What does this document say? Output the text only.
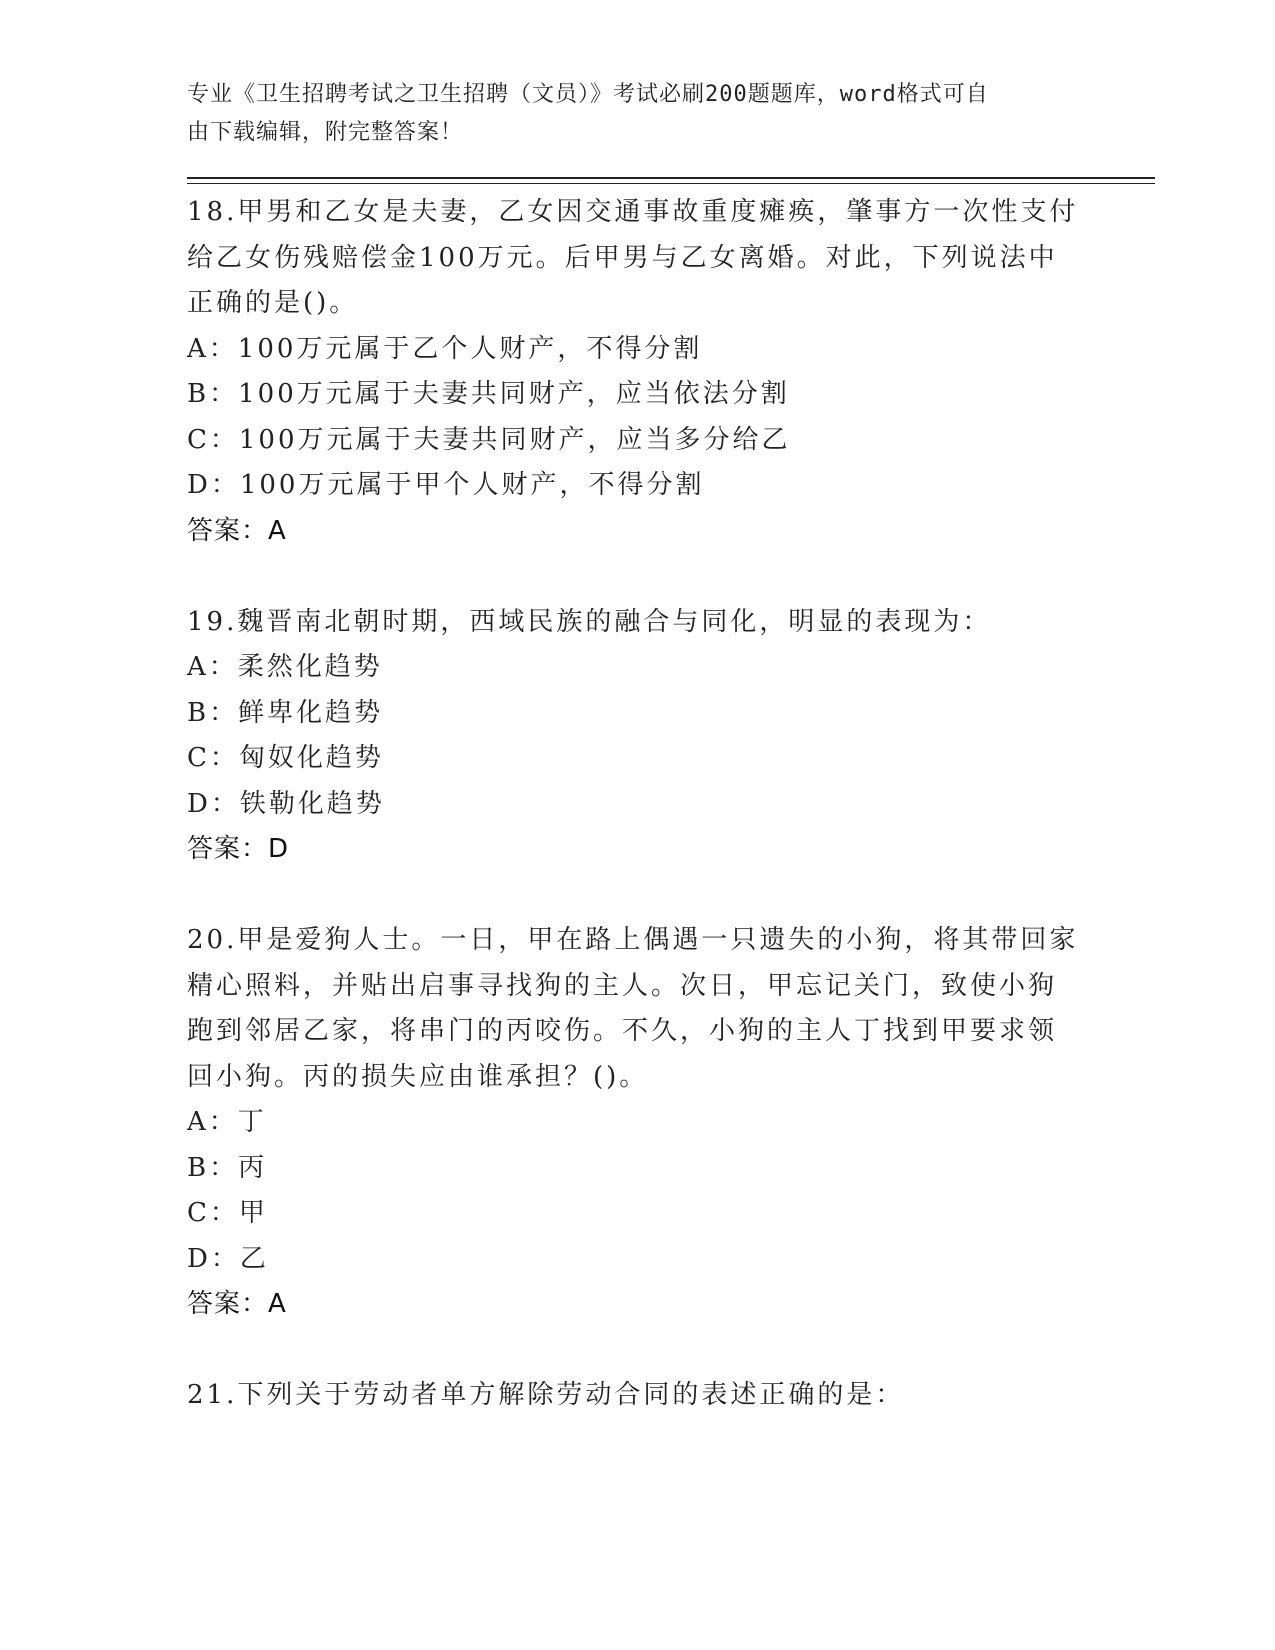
专业《卫生招聘考试之卫生招聘（文员）》考试必刷200题题库，word格式可自
由下载编辑，附完整答案！

18.甲男和乙女是夫妻，乙女因交通事故重度瘫痪，肇事方一次性支付

给乙女伤残赔偿金100万元。后甲男与乙女离婚。对此，下列说法中

正确的是()。

A：100万元属于乙个人财产，不得分割

B：100万元属于夫妻共同财产，应当依法分割

C：100万元属于夫妻共同财产，应当多分给乙

D：100万元属于甲个人财产，不得分割

答案：A

19.魏晋南北朝时期，西域民族的融合与同化，明显的表现为：

A：柔然化趋势

B：鲜卑化趋势

C：匈奴化趋势

D：铁勒化趋势

答案：D

20.甲是爱狗人士。一日，甲在路上偶遇一只遗失的小狗，将其带回家

精心照料，并贴出启事寻找狗的主人。次日，甲忘记关门，致使小狗

跑到邻居乙家，将串门的丙咬伤。不久，小狗的主人丁找到甲要求领

回小狗。丙的损失应由谁承担？()。

A：丁

B：丙

C：甲

D：乙

答案：A

21.下列关于劳动者单方解除劳动合同的表述正确的是：
